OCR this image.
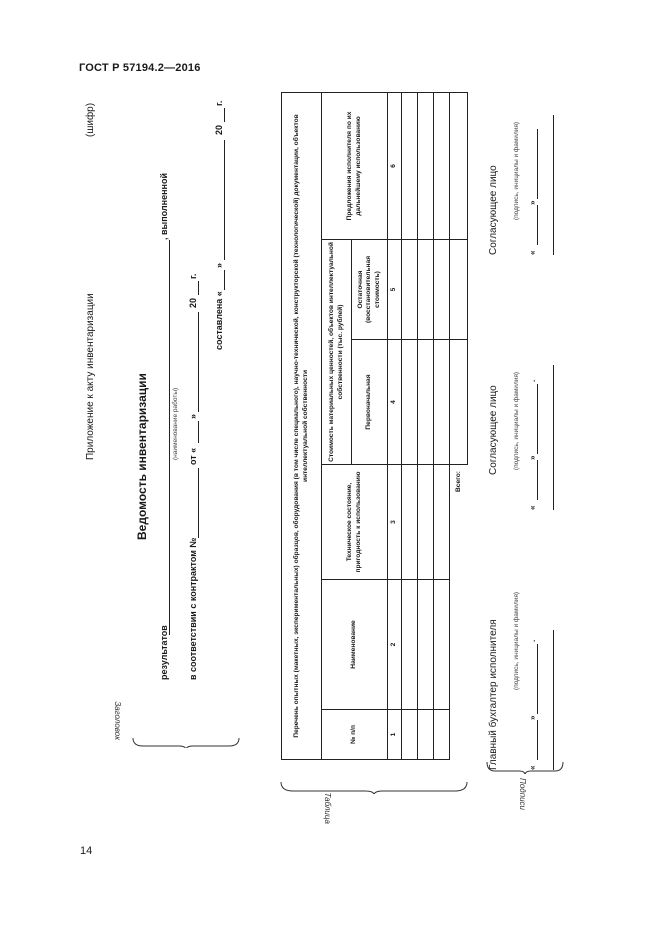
ГОСТ Р 57194.2—2016
Приложение к акту инвентаризации
(шифр)
Ведомость инвентаризации
результатов
, выполненной
(наименование работы)
в соответствии с контрактом №
от «
»
20
г.
составлена «
»
20
г.
Заголовок	Перечень опытных (макетных, экспериментальных) образцов, оборудования (в том числе специального), научно-технической, конструкторской (технологической) документации, объектов интеллектуальной собственности					
№ п/п	Наименование	Техническое состояние, пригодность к использованию	Стоимость материальных ценностей, объектов интеллектуальной собственности (тыс. рублей)		Предложения исполнителя по их дальнейшему использованию
			Первоначальная	Остаточная (восстановительная стоимость)	
1	2	3	4	5	6

Всего:					
Таблица
Главный бухгалтер исполнителя (подпись, инициалы и фамилия)
«
»
.
Согласующее лицо (подпись, инициалы и фамилия)
«
»
.
Согласующее лицо (подпись, инициалы и фамилия)
«
»
Подписи
14
